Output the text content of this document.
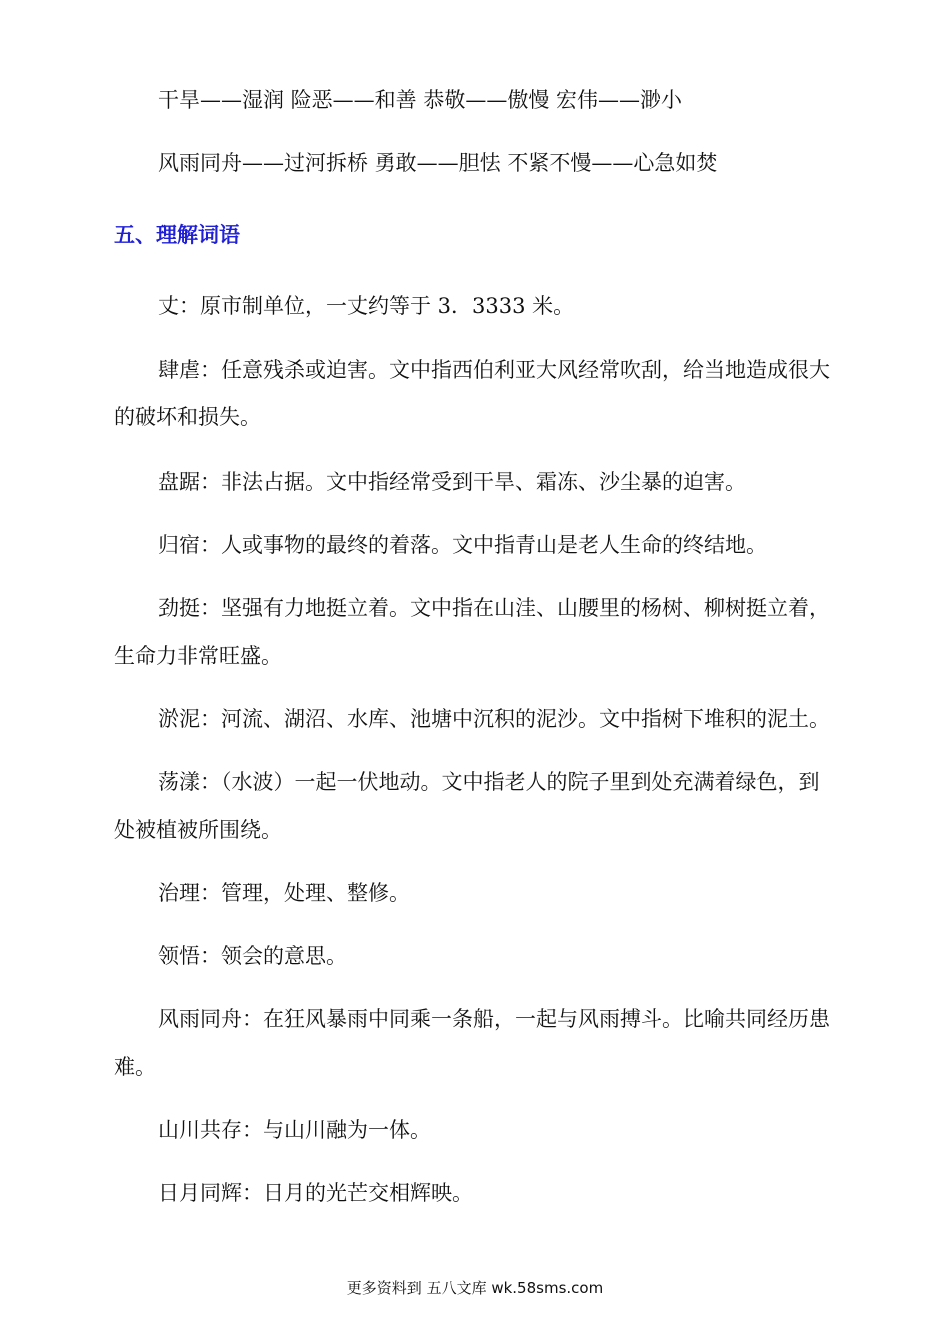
干旱——湿润 险恶——和善 恭敬——傲慢 宏伟——渺小
风雨同舟——过河拆桥 勇敢——胆怯 不紧不慢——心急如焚
五、理解词语
丈：原市制单位，一丈约等于 3．3333 米。
肆虐：任意残杀或迫害。文中指西伯利亚大风经常吹刮，给当地造成很大
的破坏和损失。
盘踞：非法占据。文中指经常受到干旱、霜冻、沙尘暴的迫害。
归宿：人或事物的最终的着落。文中指青山是老人生命的终结地。
劲挺：坚强有力地挺立着。文中指在山洼、山腰里的杨树、柳树挺立着，
生命力非常旺盛。
淤泥：河流、湖沼、水库、池塘中沉积的泥沙。文中指树下堆积的泥土。
荡漾：（水波）一起一伏地动。文中指老人的院子里到处充满着绿色，到
处被植被所围绕。
治理：管理，处理、整修。
领悟：领会的意思。
风雨同舟：在狂风暴雨中同乘一条船，一起与风雨搏斗。比喻共同经历患
难。
山川共存：与山川融为一体。
日月同辉：日月的光芒交相辉映。
更多资料到 五八文库 wk.58sms.com
